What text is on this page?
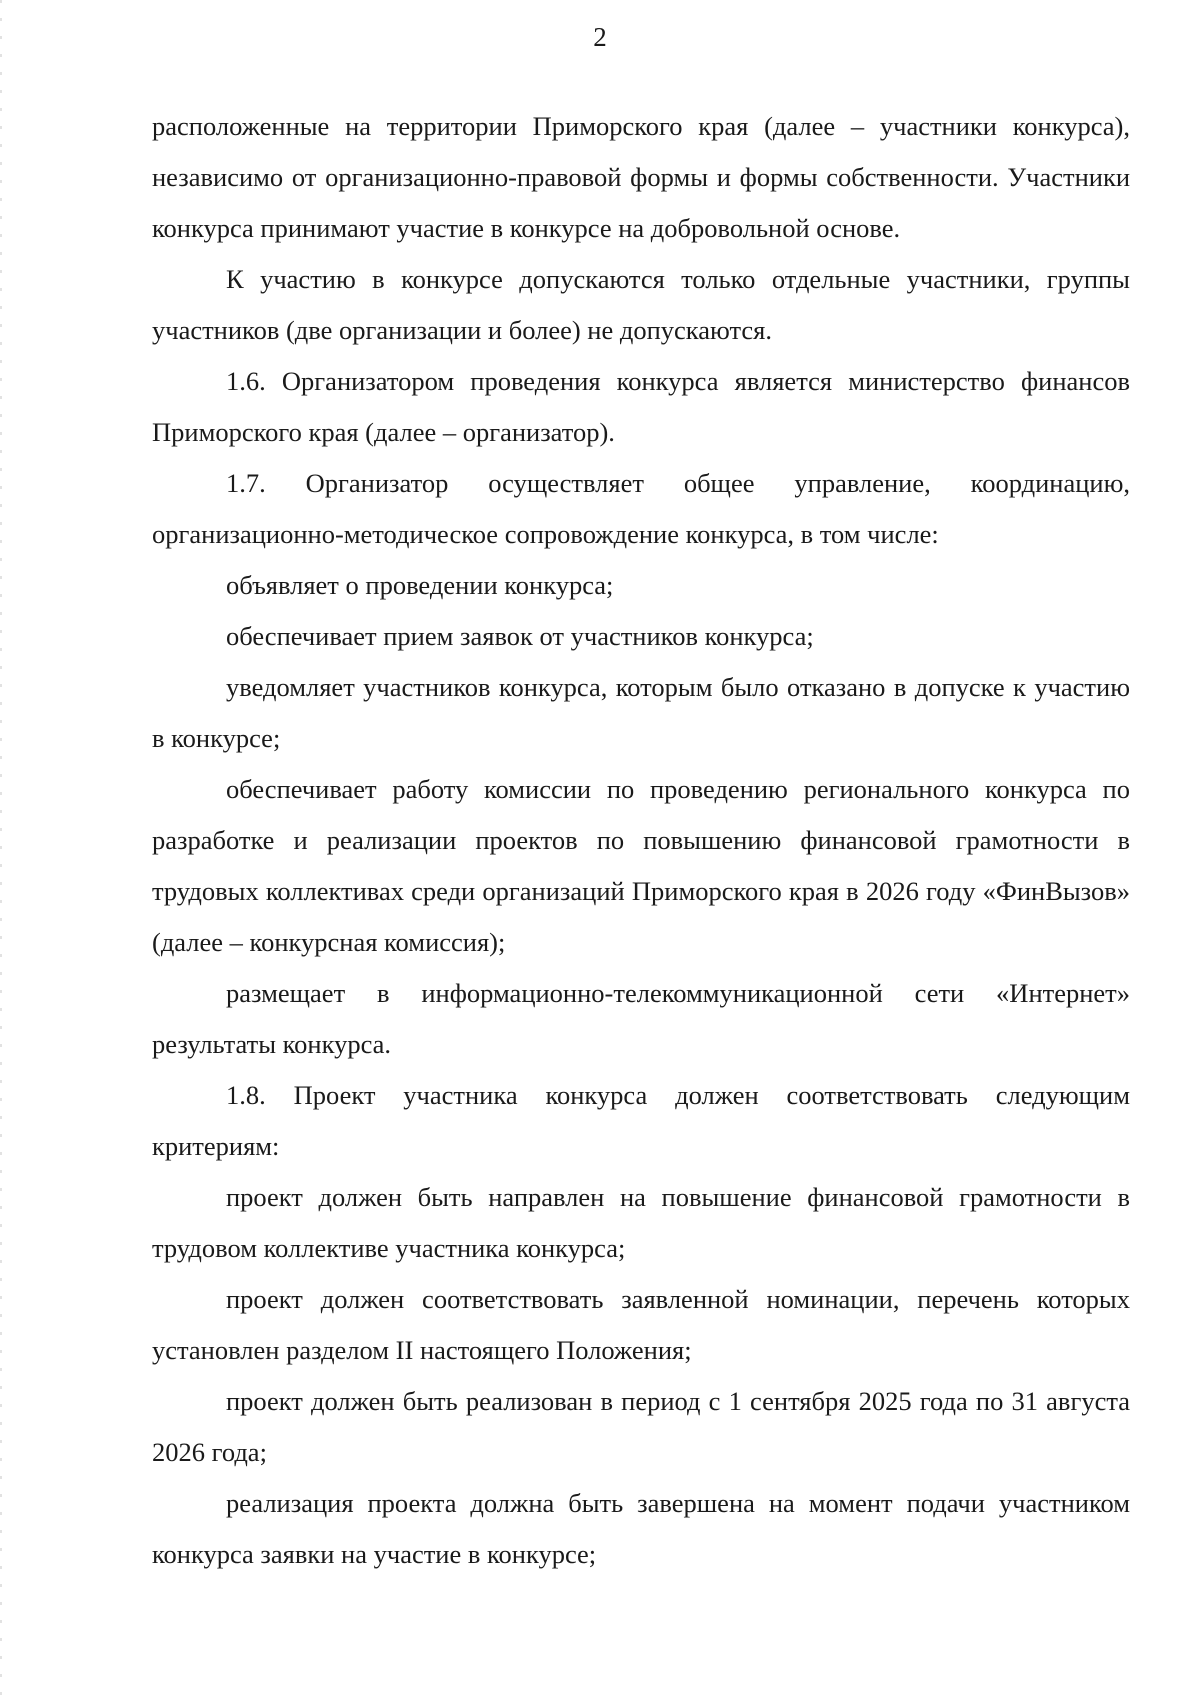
2

расположенные на территории Приморского края (далее – участники конкурса), независимо от организационно-правовой формы и формы собственности. Участники конкурса принимают участие в конкурсе на добровольной основе.

К участию в конкурсе допускаются только отдельные участники, группы участников (две организации и более) не допускаются.

1.6. Организатором проведения конкурса является министерство финансов Приморского края (далее – организатор).

1.7. Организатор осуществляет общее управление, координацию, организационно-методическое сопровождение конкурса, в том числе:

объявляет о проведении конкурса;

обеспечивает прием заявок от участников конкурса;

уведомляет участников конкурса, которым было отказано в допуске к участию в конкурсе;

обеспечивает работу комиссии по проведению регионального конкурса по разработке и реализации проектов по повышению финансовой грамотности в трудовых коллективах среди организаций Приморского края в 2026 году «ФинВызов» (далее – конкурсная комиссия);

размещает в информационно-телекоммуникационной сети «Интернет» результаты конкурса.

1.8. Проект участника конкурса должен соответствовать следующим критериям:

проект должен быть направлен на повышение финансовой грамотности в трудовом коллективе участника конкурса;

проект должен соответствовать заявленной номинации, перечень которых установлен разделом II настоящего Положения;

проект должен быть реализован в период с 1 сентября 2025 года по 31 августа 2026 года;

реализация проекта должна быть завершена на момент подачи участником конкурса заявки на участие в конкурсе;
